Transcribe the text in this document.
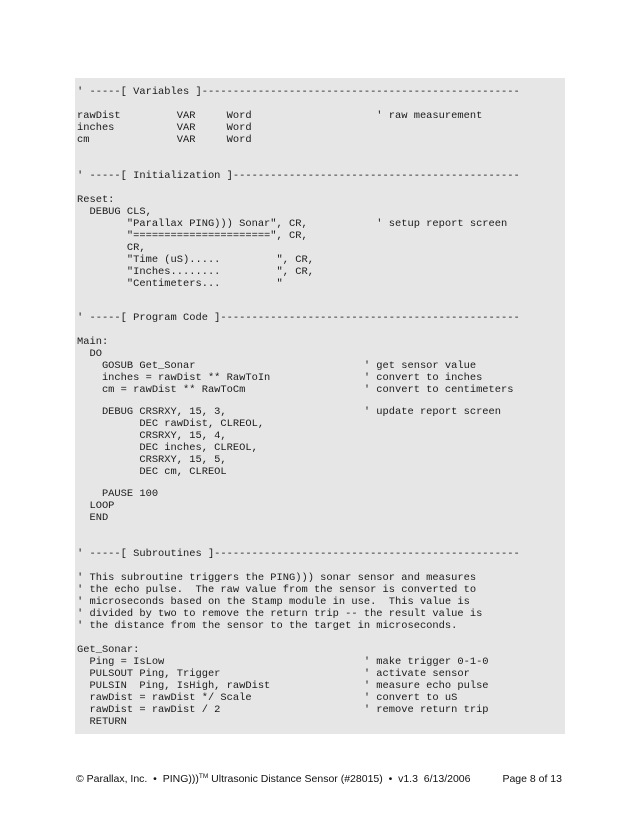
' -----[ Variables ]---------------------------------------------------
rawDist         VAR     Word                    ' raw measurement
inches          VAR     Word
cm              VAR     Word
' -----[ Initialization ]----------------------------------------------
Reset:
DEBUG CLS,
"Parallax PING))) Sonar", CR,           ' setup report screen
"======================", CR,
CR,
"Time (uS).....         ", CR,
"Inches........         ", CR,
"Centimeters...         "
' -----[ Program Code ]------------------------------------------------
Main:
DO
GOSUB Get_Sonar                           ' get sensor value
inches = rawDist ** RawToIn               ' convert to inches
cm = rawDist ** RawToCm                   ' convert to centimeters
DEBUG CRSRXY, 15, 3,                      ' update report screen
DEC rawDist, CLREOL,
CRSRXY, 15, 4,
DEC inches, CLREOL,
CRSRXY, 15, 5,
DEC cm, CLREOL
PAUSE 100
LOOP
END
' -----[ Subroutines ]-------------------------------------------------
' This subroutine triggers the PING))) sonar sensor and measures
' the echo pulse.  The raw value from the sensor is converted to
' microseconds based on the Stamp module in use.  This value is
' divided by two to remove the return trip -- the result value is
' the distance from the sensor to the target in microseconds.
Get_Sonar:
Ping = IsLow                                ' make trigger 0-1-0
PULSOUT Ping, Trigger                       ' activate sensor
PULSIN  Ping, IsHigh, rawDist               ' measure echo pulse
rawDist = rawDist */ Scale                  ' convert to uS
rawDist = rawDist / 2                       ' remove return trip
RETURN
© Parallax, Inc.  •  PING)))™ Ultrasonic Distance Sensor (#28015)  •  v1.3  6/13/2006	Page 8 of 13
